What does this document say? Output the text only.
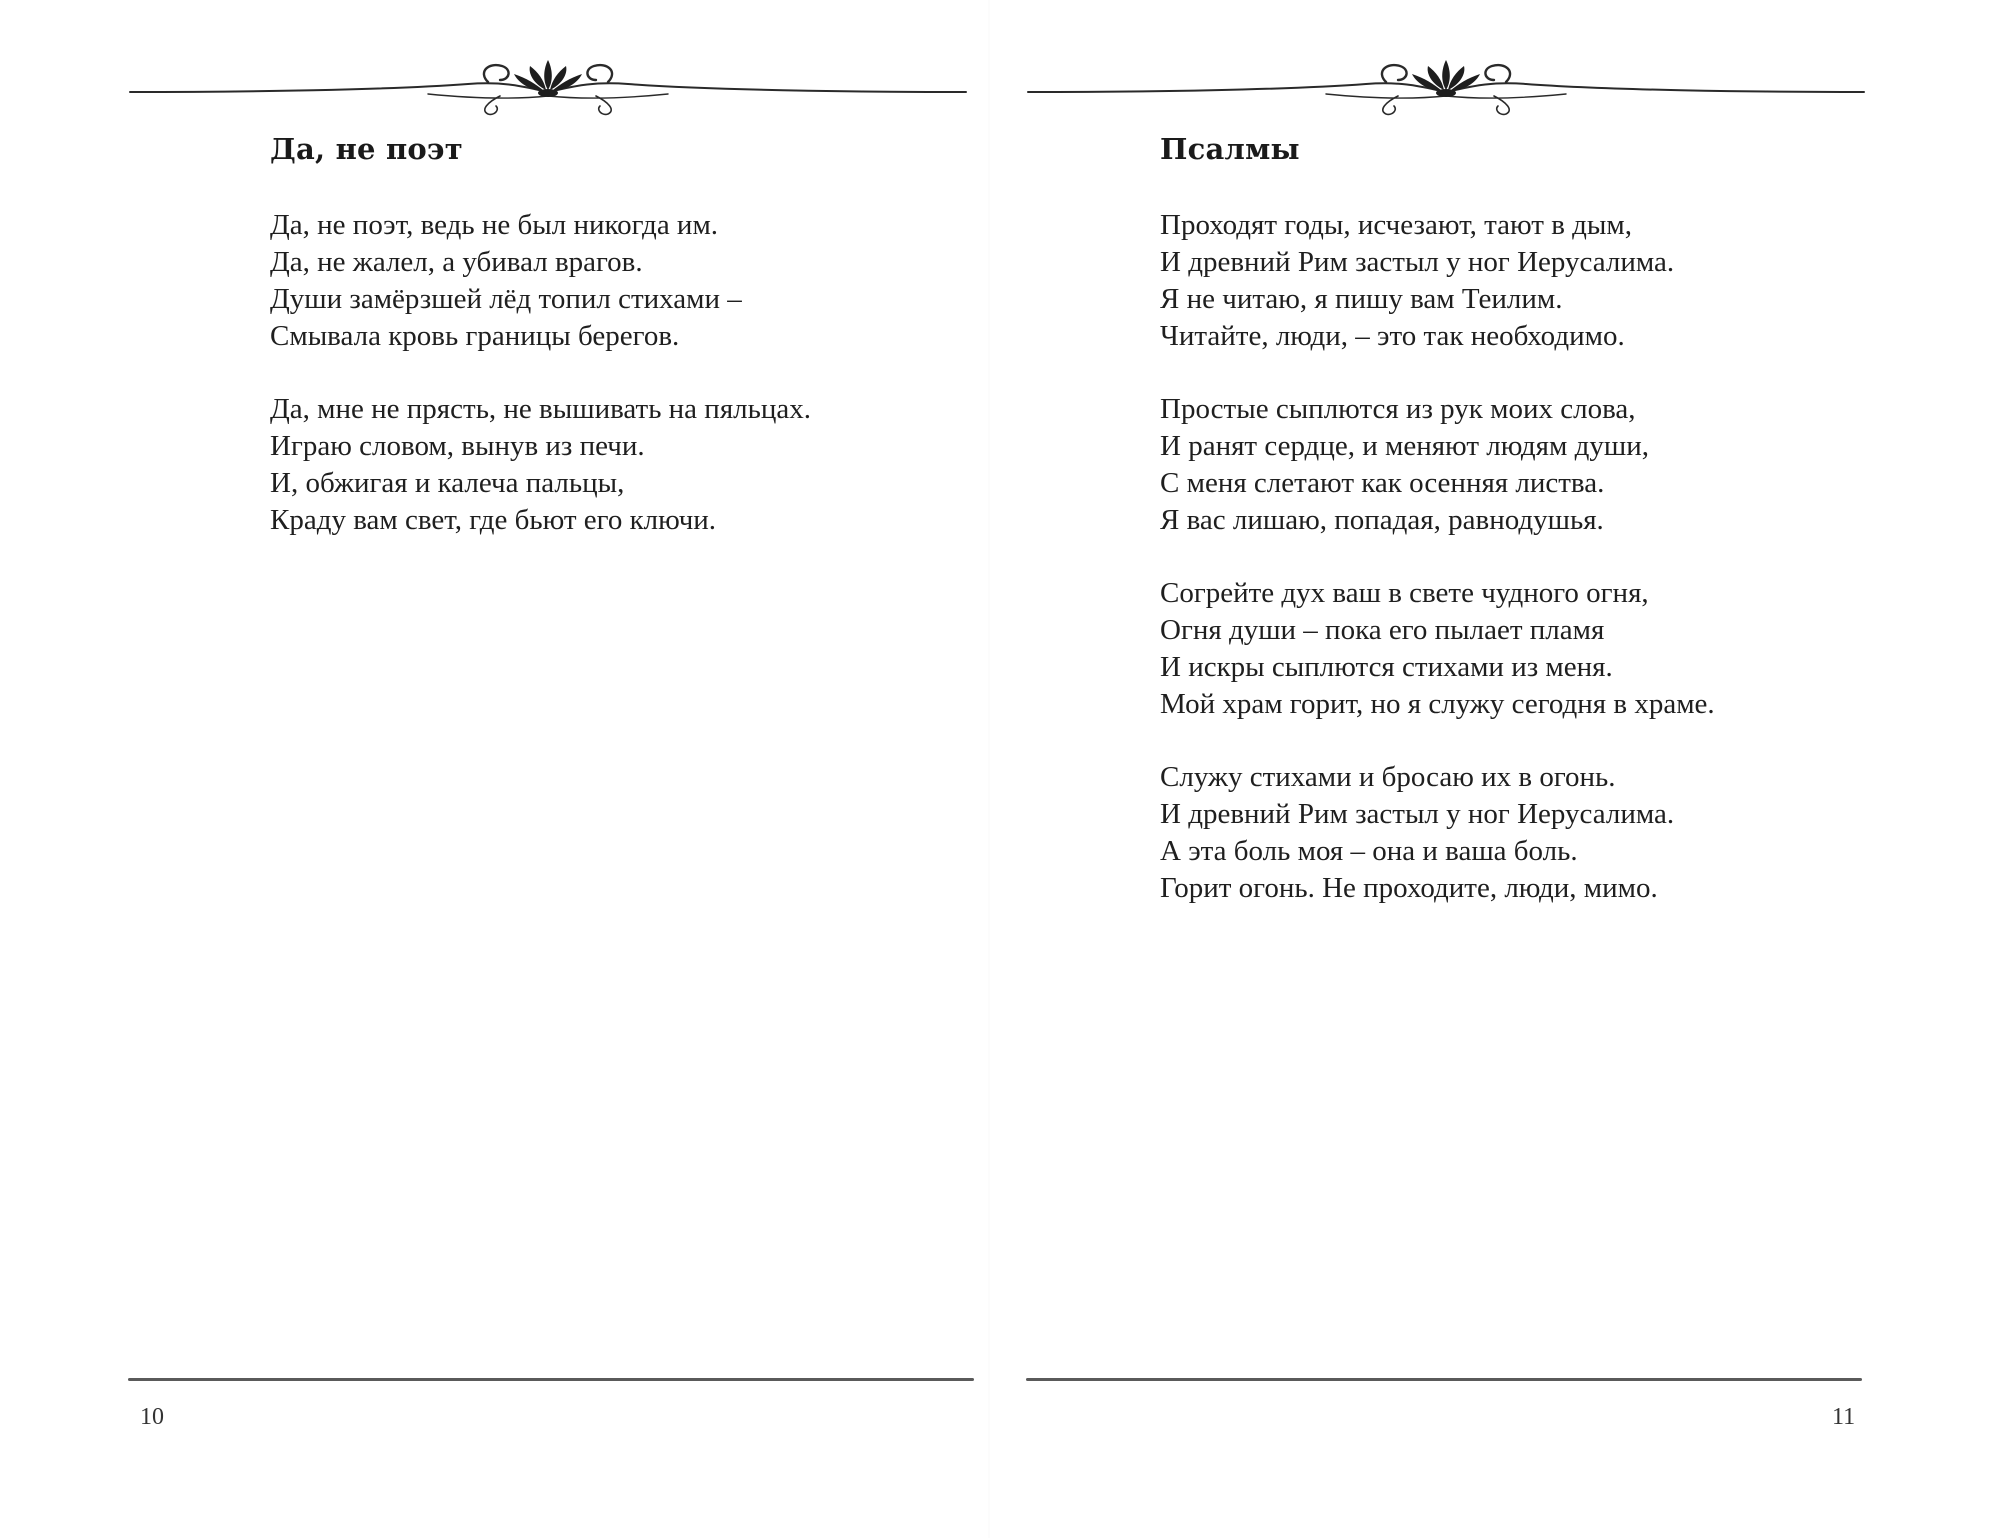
Да, не поэт
Да, не поэт, ведь не был никогда им.
Да, не жалел, а убивал врагов.
Души замёрзшей лёд топил стихами –
Смывала кровь границы берегов.
Да, мне не прясть, не вышивать на пяльцах.
Играю словом, вынув из печи.
И, обжигая и калеча пальцы,
Краду вам свет, где бьют его ключи.
10
Псалмы
Проходят годы, исчезают, тают в дым,
И древний Рим застыл у ног Иерусалима.
Я не читаю, я пишу вам Теилим.
Читайте, люди, – это так необходимо.
Простые сыплются из рук моих слова,
И ранят сердце, и меняют людям души,
С меня слетают как осенняя листва.
Я вас лишаю, попадая, равнодушья.
Согрейте дух ваш в свете чудного огня,
Огня души – пока его пылает пламя
И искры сыплются стихами из меня.
Мой храм горит, но я служу сегодня в храме.
Служу стихами и бросаю их в огонь.
И древний Рим застыл у ног Иерусалима.
А эта боль моя – она и ваша боль.
Горит огонь. Не проходите, люди, мимо.
11
